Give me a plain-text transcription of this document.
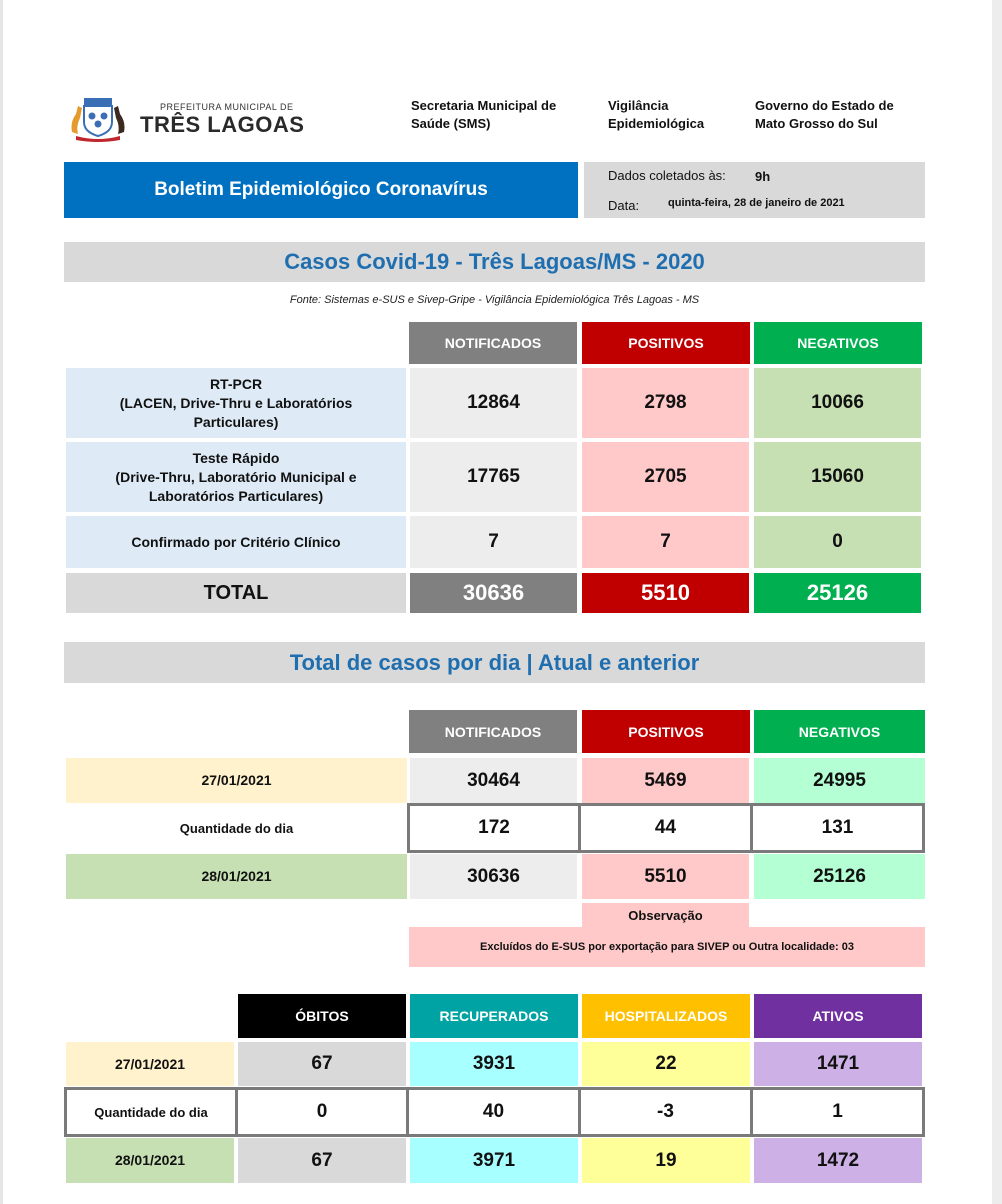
PREFEITURA MUNICIPAL DE
TRÊS LAGOAS
Secretaria Municipal de Saúde (SMS)
Vigilância Epidemiológica
Governo do Estado de Mato Grosso do Sul
Boletim Epidemiológico Coronavírus
Dados coletados às: 9h
Data:	quinta-feira, 28 de janeiro de 2021
Casos Covid-19 - Três Lagoas/MS - 2020
Fonte: Sistemas e-SUS e Sivep-Gripe - Vigilância Epidemiológica Três Lagoas - MS
NOTIFICADOS	POSITIVOS	NEGATIVOS
RT-PCR
(LACEN, Drive-Thru e Laboratórios
Particulares)
12864	2798	10066
Teste Rápido
(Drive-Thru, Laboratório Municipal e
Laboratórios Particulares)
17765	2705	15060
Confirmado por Critério Clínico	7	7	0
TOTAL	30636	5510	25126
Total de casos por dia | Atual e anterior
NOTIFICADOS	POSITIVOS	NEGATIVOS
27/01/2021	30464	5469	24995
Quantidade do dia	172	44	131
28/01/2021	30636	5510	25126
Observação
Excluídos do E-SUS por exportação para SIVEP ou Outra localidade: 03
ÓBITOS	RECUPERADOS	HOSPITALIZADOS	ATIVOS
27/01/2021	67	3931	22	1471
Quantidade do dia	0	40	-3	1
28/01/2021	67	3971	19	1472
